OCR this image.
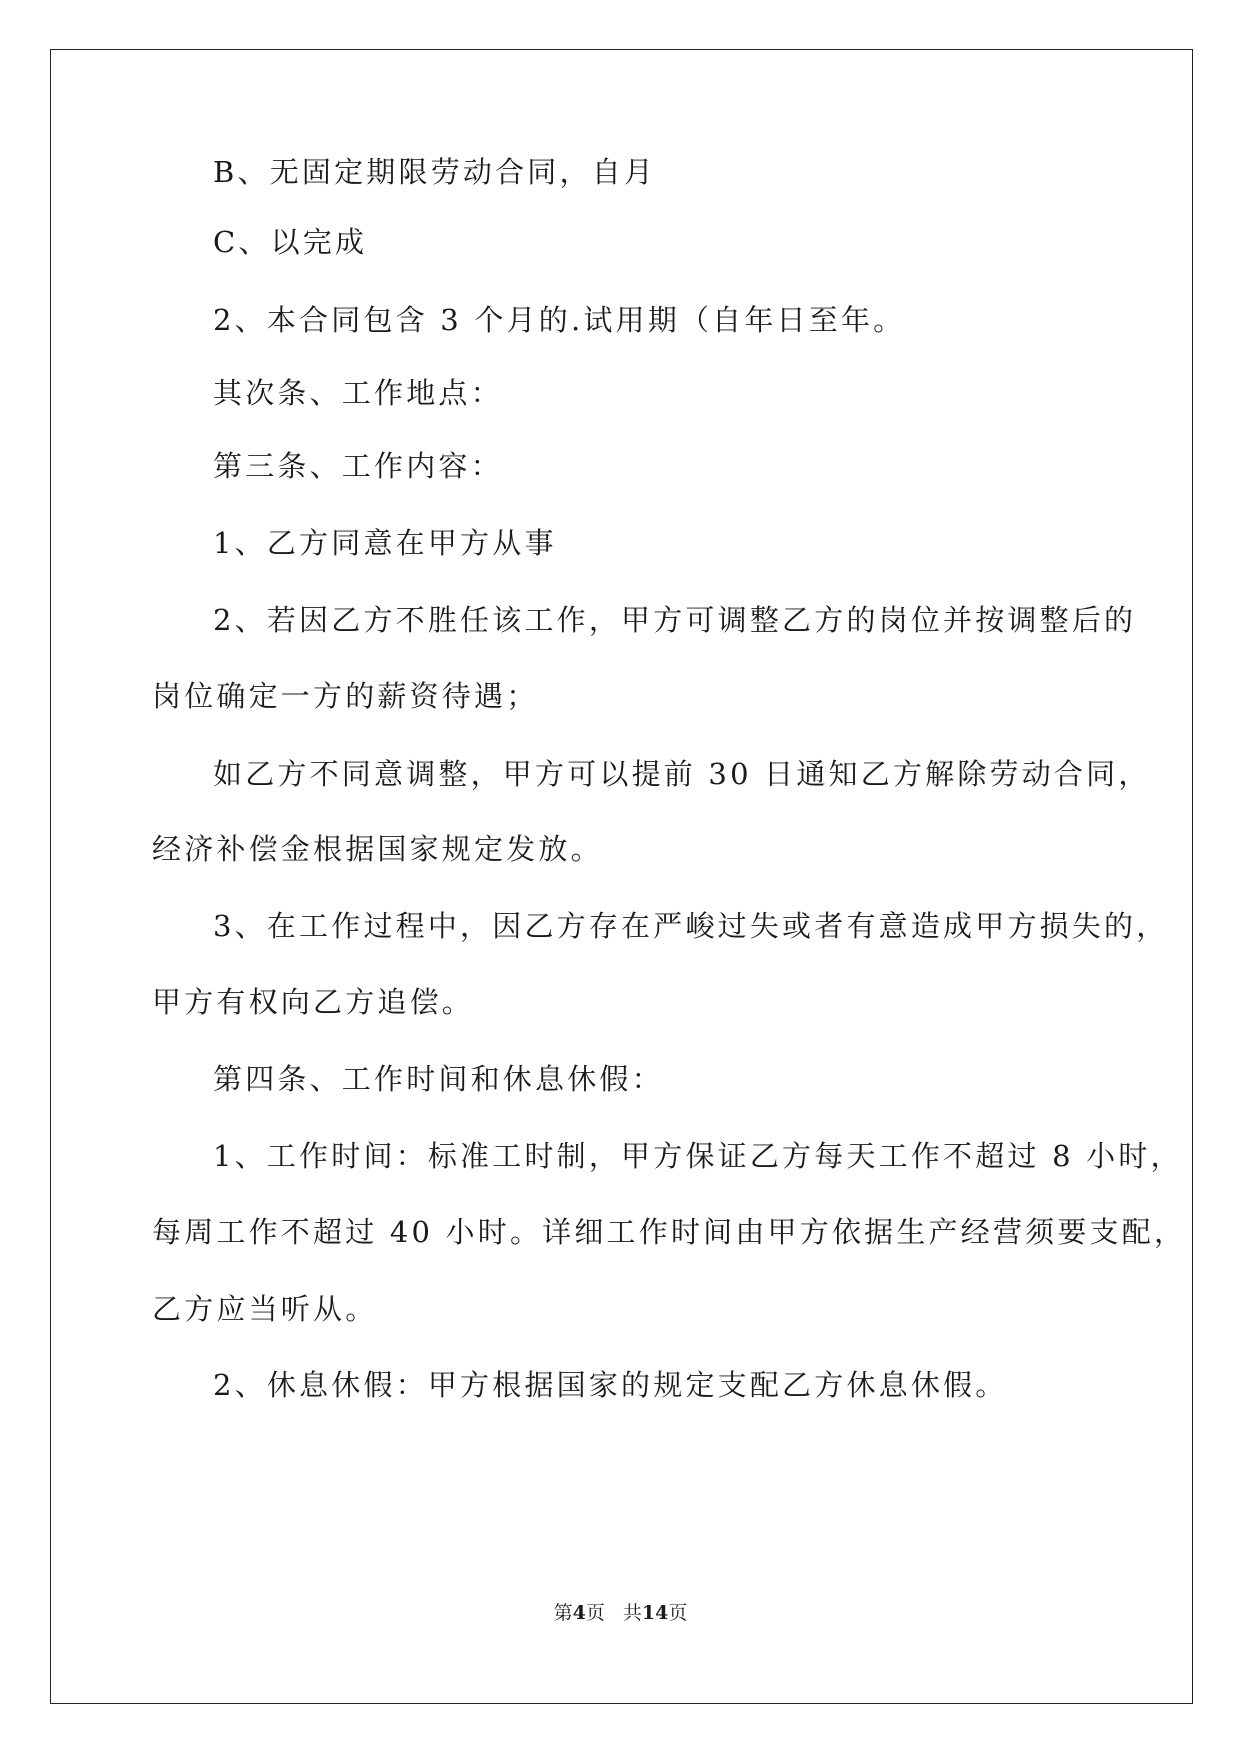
B、无固定期限劳动合同，自月
C、以完成
2、本合同包含 3 个月的.试用期（自年日至年。
其次条、工作地点：
第三条、工作内容：
1、乙方同意在甲方从事
2、若因乙方不胜任该工作，甲方可调整乙方的岗位并按调整后的
岗位确定一方的薪资待遇；
如乙方不同意调整，甲方可以提前 30 日通知乙方解除劳动合同，
经济补偿金根据国家规定发放。
3、在工作过程中，因乙方存在严峻过失或者有意造成甲方损失的，
甲方有权向乙方追偿。
第四条、工作时间和休息休假：
1、工作时间：标准工时制，甲方保证乙方每天工作不超过 8 小时，
每周工作不超过 40 小时。详细工作时间由甲方依据生产经营须要支配，
乙方应当听从。
2、休息休假：甲方根据国家的规定支配乙方休息休假。
第4页 共14页
